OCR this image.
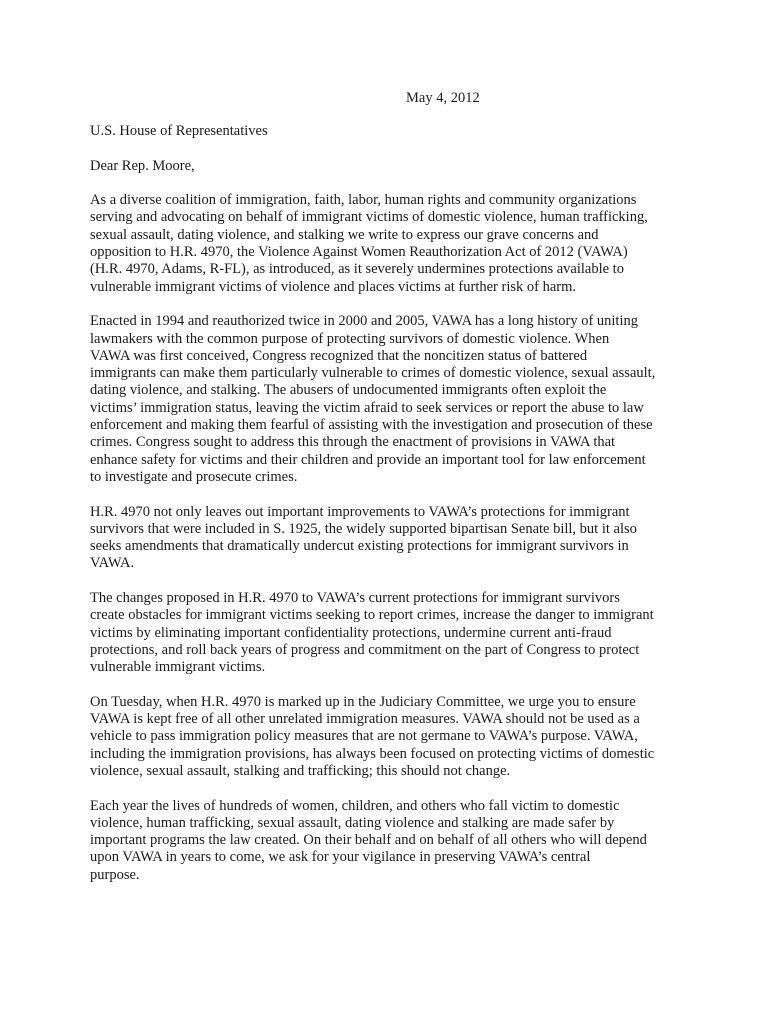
May 4, 2012

U.S. House of Representatives

Dear Rep. Moore,

As a diverse coalition of immigration, faith, labor, human rights and community organizations
serving and advocating on behalf of immigrant victims of domestic violence, human trafficking,
sexual assault, dating violence, and stalking we write to express our grave concerns and
opposition to H.R. 4970, the Violence Against Women Reauthorization Act of 2012 (VAWA)
(H.R. 4970, Adams, R-FL), as introduced, as it severely undermines protections available to
vulnerable immigrant victims of violence and places victims at further risk of harm.

Enacted in 1994 and reauthorized twice in 2000 and 2005, VAWA has a long history of uniting
lawmakers with the common purpose of protecting survivors of domestic violence. When
VAWA was first conceived, Congress recognized that the noncitizen status of battered
immigrants can make them particularly vulnerable to crimes of domestic violence, sexual assault,
dating violence, and stalking. The abusers of undocumented immigrants often exploit the
victims’ immigration status, leaving the victim afraid to seek services or report the abuse to law
enforcement and making them fearful of assisting with the investigation and prosecution of these
crimes. Congress sought to address this through the enactment of provisions in VAWA that
enhance safety for victims and their children and provide an important tool for law enforcement
to investigate and prosecute crimes.

H.R. 4970 not only leaves out important improvements to VAWA’s protections for immigrant
survivors that were included in S. 1925, the widely supported bipartisan Senate bill, but it also
seeks amendments that dramatically undercut existing protections for immigrant survivors in
VAWA.

The changes proposed in H.R. 4970 to VAWA’s current protections for immigrant survivors
create obstacles for immigrant victims seeking to report crimes, increase the danger to immigrant
victims by eliminating important confidentiality protections, undermine current anti-fraud
protections, and roll back years of progress and commitment on the part of Congress to protect
vulnerable immigrant victims.

On Tuesday, when H.R. 4970 is marked up in the Judiciary Committee, we urge you to ensure
VAWA is kept free of all other unrelated immigration measures. VAWA should not be used as a
vehicle to pass immigration policy measures that are not germane to VAWA’s purpose. VAWA,
including the immigration provisions, has always been focused on protecting victims of domestic
violence, sexual assault, stalking and trafficking; this should not change.

Each year the lives of hundreds of women, children, and others who fall victim to domestic
violence, human trafficking, sexual assault, dating violence and stalking are made safer by
important programs the law created. On their behalf and on behalf of all others who will depend
upon VAWA in years to come, we ask for your vigilance in preserving VAWA’s central
purpose.
